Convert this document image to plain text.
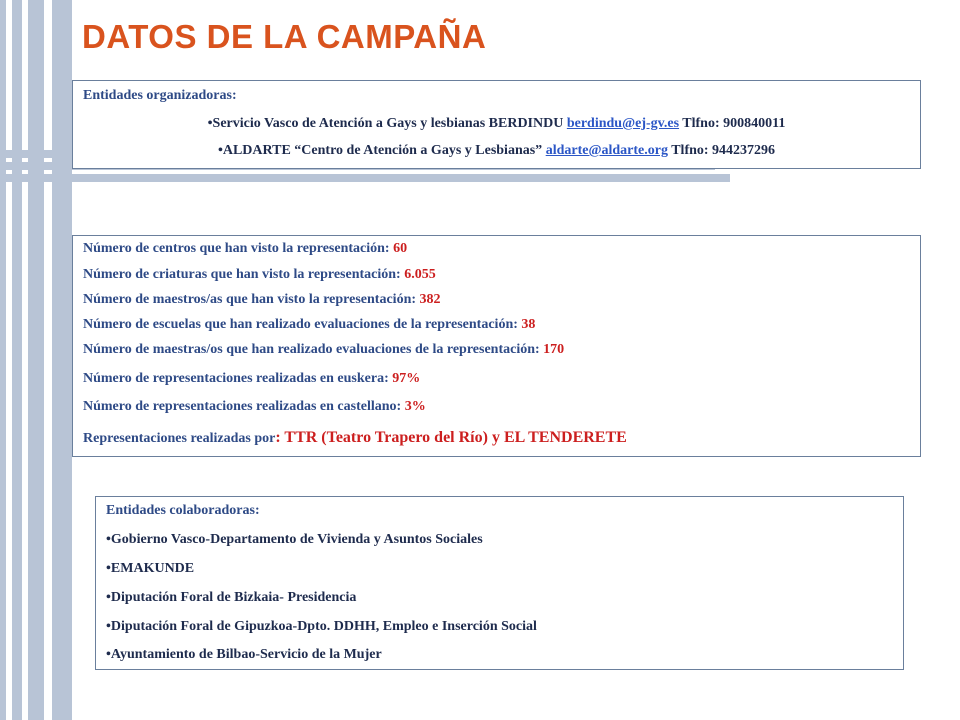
DATOS DE LA CAMPAÑA
Entidades organizadoras:
•Servicio Vasco de Atención a Gays y lesbianas BERDINDU berdindu@ej-gv.es Tlfno: 900840011
•ALDARTE “Centro de Atención a Gays y Lesbianas” aldarte@aldarte.org Tlfno: 944237296
Número de centros que han visto la representación: 60
Número de criaturas que han visto la representación: 6.055
Número de maestros/as que han visto la representación: 382
Número de escuelas que han realizado evaluaciones de la representación: 38
Número de maestras/os que han realizado evaluaciones de la representación: 170
Número de representaciones realizadas en euskera: 97%
Número de representaciones realizadas en castellano: 3%
Representaciones realizadas por: TTR (Teatro Trapero del Río) y EL TENDERETE
Entidades colaboradoras:
•Gobierno Vasco-Departamento de Vivienda y Asuntos Sociales
•EMAKUNDE
•Diputación Foral de Bizkaia- Presidencia
•Diputación Foral de Gipuzkoa-Dpto. DDHH, Empleo e Inserción Social
•Ayuntamiento de Bilbao-Servicio de la Mujer
